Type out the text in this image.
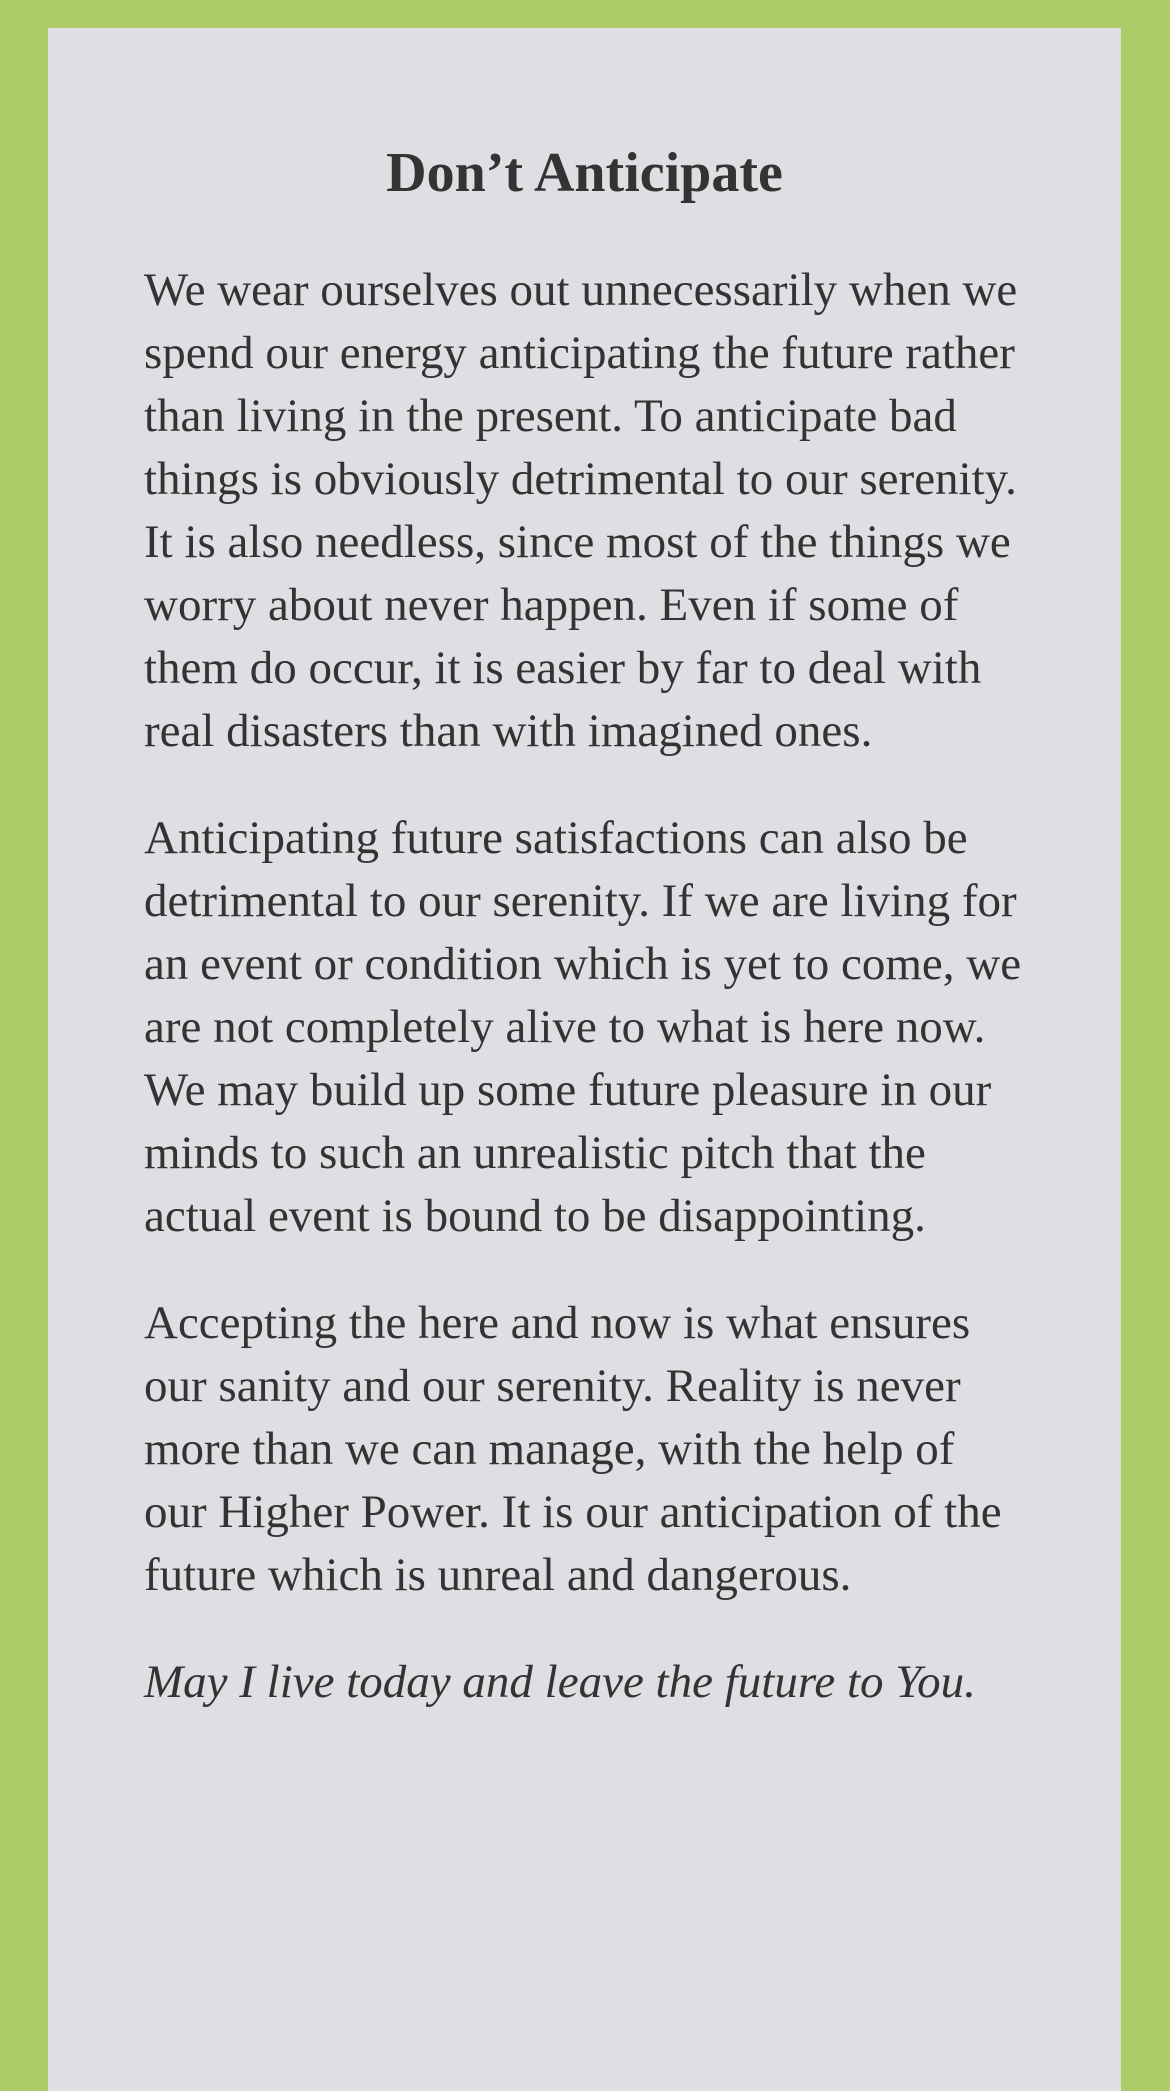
Don’t Anticipate

We wear ourselves out unnecessarily when we spend our energy anticipating the future rather than living in the present. To anticipate bad things is obviously detrimental to our serenity. It is also needless, since most of the things we worry about never happen. Even if some of them do occur, it is easier by far to deal with real disasters than with imagined ones.

Anticipating future satisfactions can also be detrimental to our serenity. If we are living for an event or condition which is yet to come, we are not completely alive to what is here now. We may build up some future pleasure in our minds to such an unrealistic pitch that the actual event is bound to be disappointing.

Accepting the here and now is what ensures our sanity and our serenity. Reality is never more than we can manage, with the help of our Higher Power. It is our anticipation of the future which is unreal and dangerous.

May I live today and leave the future to You.
